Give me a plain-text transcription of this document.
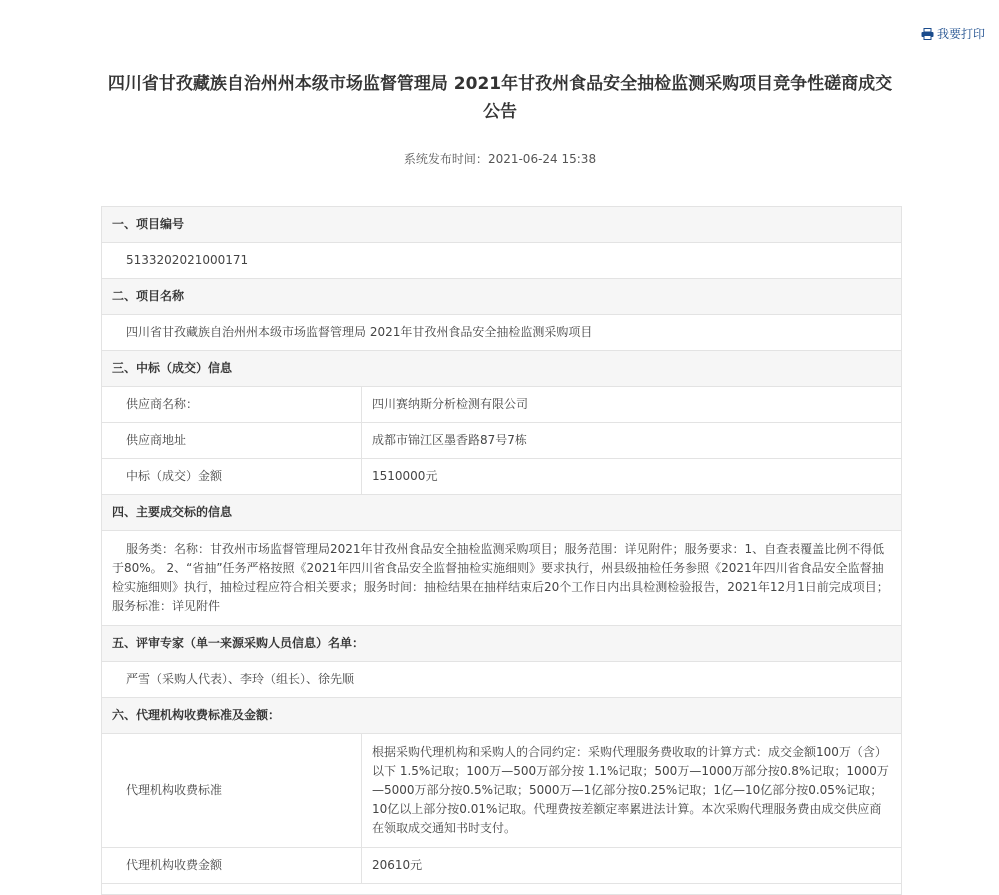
我要打印
四川省甘孜藏族自治州州本级市场监督管理局 2021年甘孜州食品安全抽检监测采购项目竞争性磋商成交公告
系统发布时间：2021-06-24 15:38
一、项目编号	
5133202021000171	
二、项目名称	
四川省甘孜藏族自治州州本级市场监督管理局 2021年甘孜州食品安全抽检监测采购项目	
三、中标（成交）信息	
供应商名称：	四川赛纳斯分析检测有限公司
供应商地址	成都市锦江区墨香路87号7栋
中标（成交）金额	1510000元
四、主要成交标的信息	
服务类：名称：甘孜州市场监督管理局2021年甘孜州食品安全抽检监测采购项目；服务范围：详见附件；服务要求：1、自查表覆盖比例不得低于80%。 2、“省抽”任务严格按照《2021年四川省食品安全监督抽检实施细则》要求执行，州县级抽检任务参照《2021年四川省食品安全监督抽检实施细则》执行，抽检过程应符合相关要求；服务时间：抽检结果在抽样结束后20个工作日内出具检测检验报告，2021年12月1日前完成项目；服务标准：详见附件	
五、评审专家（单一来源采购人员信息）名单：	
严雪（采购人代表）、李玲（组长）、徐先顺	
六、代理机构收费标准及金额：	
代理机构收费标准	根据采购代理机构和采购人的合同约定：采购代理服务费收取的计算方式：成交金额100万（含）以下 1.5%记取；100万—500万部分按 1.1%记取；500万—1000万部分按0.8%记取；1000万—5000万部分按0.5%记取；5000万—1亿部分按0.25%记取；1亿—10亿部分按0.05%记取；10亿以上部分按0.01%记取。代理费按差额定率累进法计算。本次采购代理服务费由成交供应商在领取成交通知书时支付。
代理机构收费金额	20610元
